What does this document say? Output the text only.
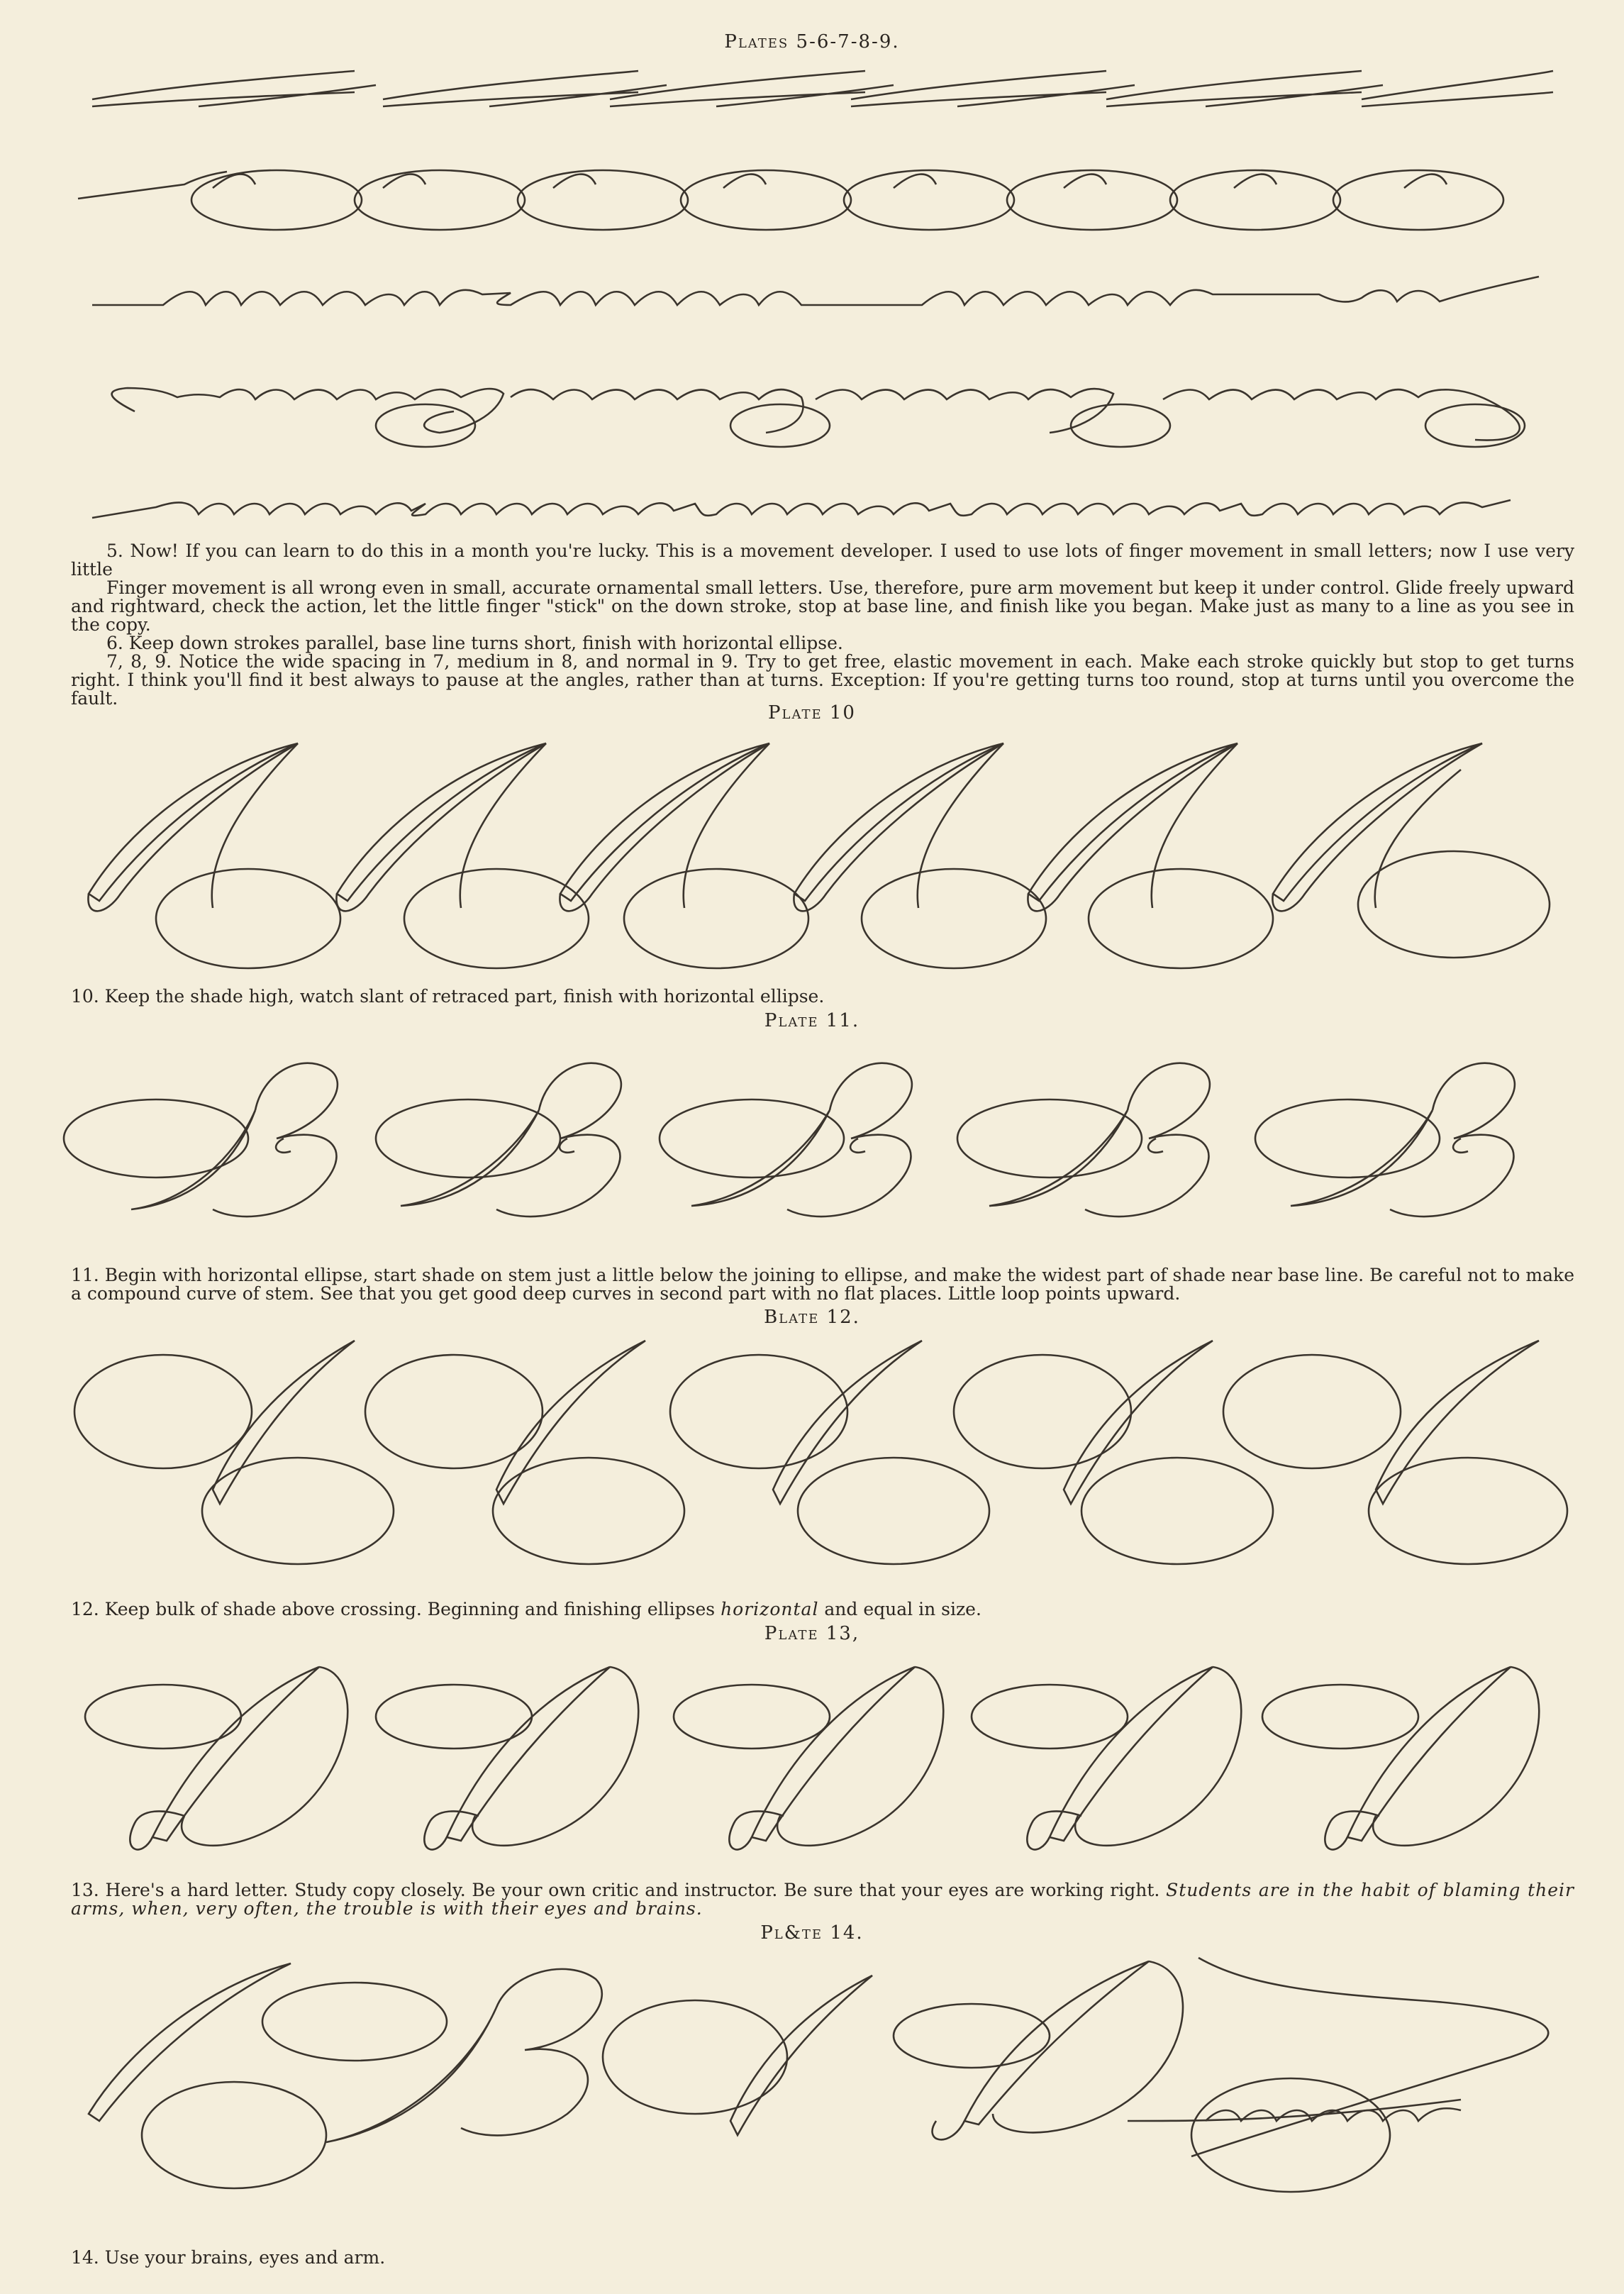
Plates 5-6-7-8-9.

5. Now! If you can learn to do this in a month you're lucky. This is a movement developer. I used to use lots of finger movement in small letters; now I use very little

Finger movement is all wrong even in small, accurate ornamental small letters. Use, therefore, pure arm movement but keep it under control. Glide freely upward and rightward, check the action, let the little finger "stick" on the down stroke, stop at base line, and finish like you began. Make just as many to a line as you see in the copy.

6. Keep down strokes parallel, base line turns short, finish with horizontal ellipse.

7, 8, 9. Notice the wide spacing in 7, medium in 8, and normal in 9. Try to get free, elastic movement in each. Make each stroke quickly but stop to get turns right. I think you'll find it best always to pause at the angles, rather than at turns. Exception: If you're getting turns too round, stop at turns until you overcome the fault.

Plate 10
10. Keep the shade high, watch slant of retraced part, finish with horizontal ellipse.
Plate 11.
11. Begin with horizontal ellipse, start shade on stem just a little below the joining to ellipse, and make the widest part of shade near base line. Be careful not to make a compound curve of stem. See that you get good deep curves in second part with no flat places. Little loop points upward.
Blate 12.
12. Keep bulk of shade above crossing. Beginning and finishing ellipses horizontal and equal in size.
Plate 13,
13. Here's a hard letter. Study copy closely. Be your own critic and instructor. Be sure that your eyes are working right. Students are in the habit of blaming their arms, when, very often, the trouble is with their eyes and brains.
Pl&te 14.
14. Use your brains, eyes and arm.
